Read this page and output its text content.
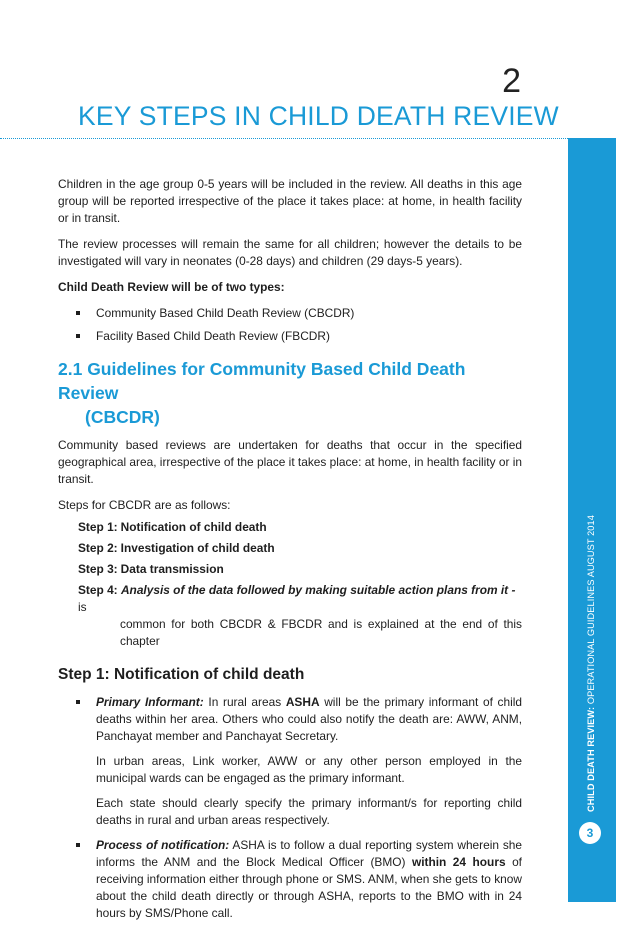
2
KEY STEPS IN CHILD DEATH REVIEW
CHILD DEATH REVIEW: OPERATIONAL GUIDELINES AUGUST 2014
3

Children in the age group 0-5 years will be included in the review. All deaths in this age group will be reported irrespective of the place it takes place: at home, in health facility or in transit.

The review processes will remain the same for all children; however the details to be investigated will vary in neonates (0-28 days) and children (29 days-5 years).

Child Death Review will be of two types:

Community Based Child Death Review (CBCDR)
Facility Based Child Death Review (FBCDR)
2.1 Guidelines for Community Based Child Death Review
(CBCDR)

Community based reviews are undertaken for deaths that occur in the specified geographical area, irrespective of the place it takes place: at home, in health facility or in transit.

Steps for CBCDR are as follows:

Step 1: Notification of child death
Step 2: Investigation of child death
Step 3: Data transmission
Step 4: Analysis of the data followed by making suitable action plans from it - is
common for both CBCDR & FBCDR and is explained at the end of this chapter
Step 1: Notification of child death

Primary Informant: In rural areas ASHA will be the primary informant of child deaths within her area. Others who could also notify the death are: AWW, ANM, Panchayat member and Panchayat Secretary.

In urban areas, Link worker, AWW or any other person employed in the municipal wards can be engaged as the primary informant.

Each state should clearly specify the primary informant/s for reporting child deaths in rural and urban areas respectively.

Process of notification: ASHA is to follow a dual reporting system wherein she informs the ANM and the Block Medical Officer (BMO) within 24 hours of receiving information either through phone or SMS. ANM, when she gets to know about the child death directly or through ASHA, reports to the BMO with in 24 hours by SMS/Phone call.
